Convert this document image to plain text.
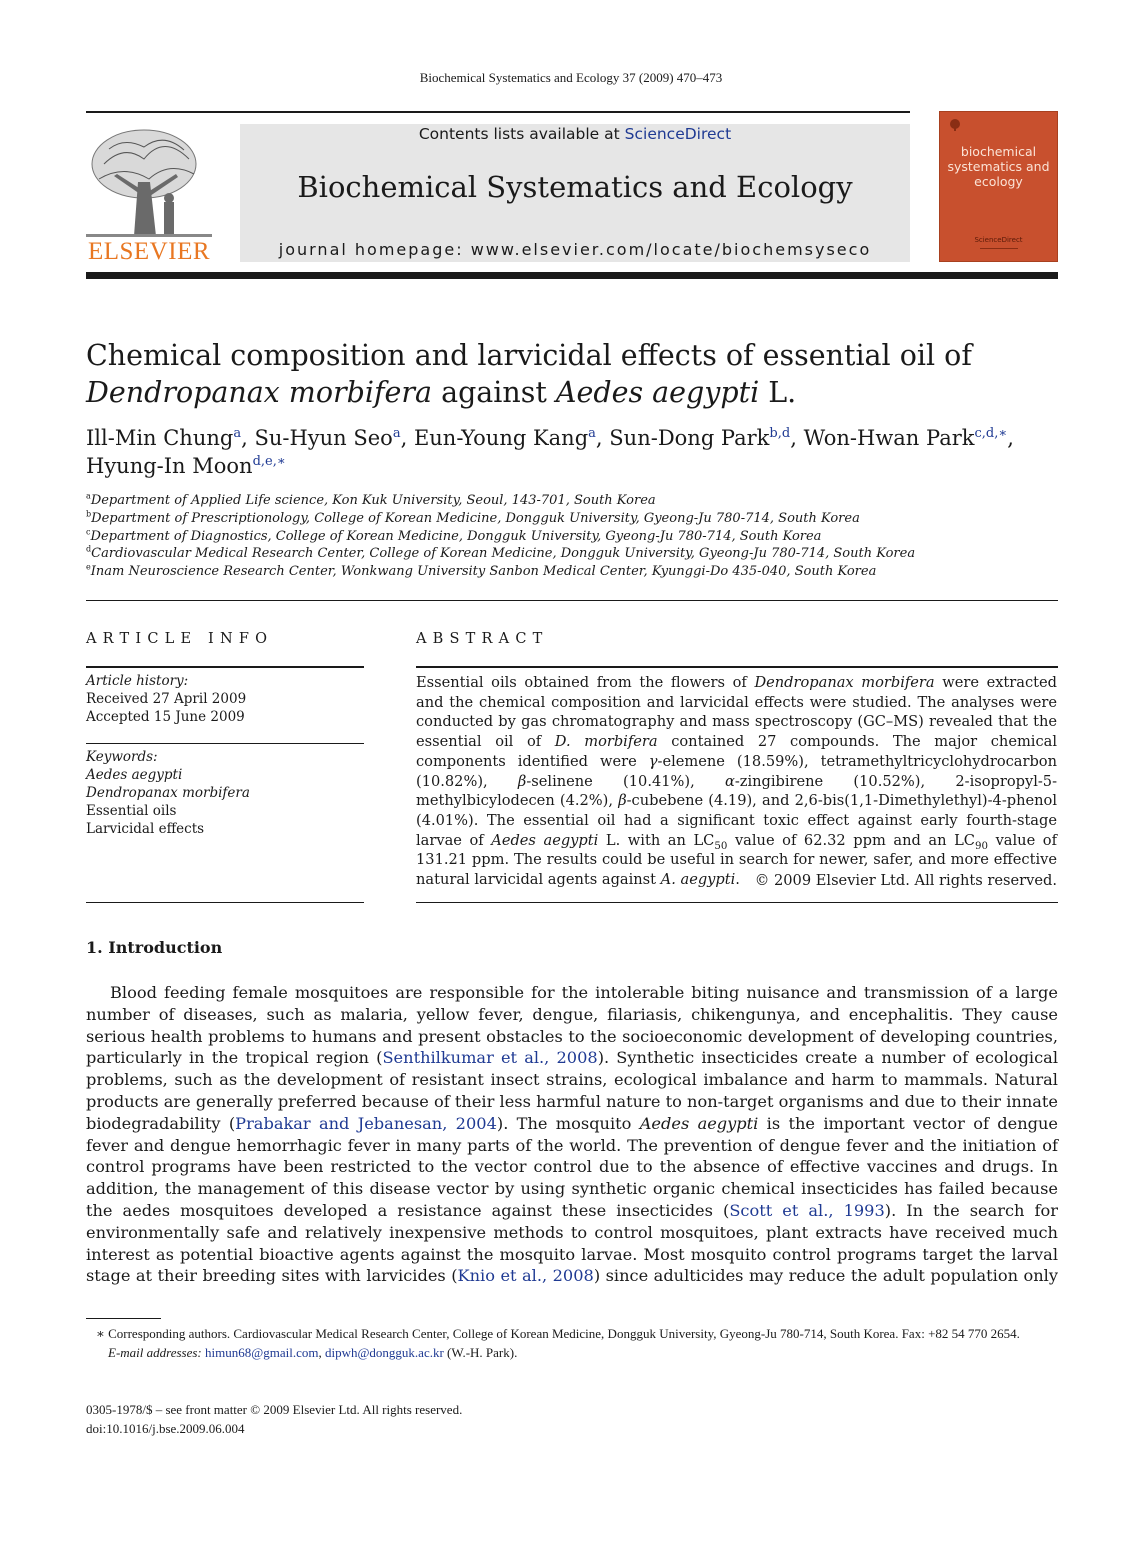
Biochemical Systematics and Ecology 37 (2009) 470–473
ELSEVIER
Contents lists available at ScienceDirect
Biochemical Systematics and Ecology
journal homepage: www.elsevier.com/locate/biochemsyseco	ScienceDirect
biochemical systematics and ecology
Chemical composition and larvicidal effects of essential oil of
Dendropanax morbifera against Aedes aegypti L.
Ill-Min Chung$^a$, Su-Hyun Seo$^a$, Eun-Young Kang$^a$, Sun-Dong Park$^{b,d}$, Won-Hwan Park$^{c,d,∗}$,
Hyung-In Moon$^{d,e,∗}$
$^a$Department of Applied Life science, Kon Kuk University, Seoul, 143-701, South Korea
$^b$Department of Prescriptionology, College of Korean Medicine, Dongguk University, Gyeong-Ju 780-714, South Korea
$^c$Department of Diagnostics, College of Korean Medicine, Dongguk University, Gyeong-Ju 780-714, South Korea
$^d$Cardiovascular Medical Research Center, College of Korean Medicine, Dongguk University, Gyeong-Ju 780-714, South Korea
$^e$Inam Neuroscience Research Center, Wonkwang University Sanbon Medical Center, Kyunggi-Do 435-040, South Korea
ARTICLE INFO
Article history:
Received 27 April 2009
Accepted 15 June 2009
Keywords:
Aedes aegypti
Dendropanax morbifera
Essential oils
Larvicidal effects
ABSTRACT
Essential oils obtained from the flowers of Dendropanax morbifera were extracted and the chemical composition and larvicidal effects were studied. The analyses were conducted by gas chromatography and mass spectroscopy (GC–MS) revealed that the essential oil of D. morbifera contained 27 compounds. The major chemical components identified were γ-elemene (18.59%), tetramethyltricyclohydrocarbon (10.82%), β-selinene (10.41%), α-zingibirene (10.52%), 2-isopropyl-5-methylbicylodecen (4.2%), β-cubebene (4.19), and 2,6-bis(1,1-Dimethylethyl)-4-phenol (4.01%). The essential oil had a significant toxic effect against early fourth-stage larvae of Aedes aegypti L. with an $LC_{50}$ value of 62.32 ppm and an $LC_{90}$ value of 131.21 ppm. The results could be useful in search for newer, safer, and more effective natural larvicidal agents against A. aegypti.	© 2009 Elsevier Ltd. All rights reserved.
1. Introduction

Blood feeding female mosquitoes are responsible for the intolerable biting nuisance and transmission of a large number of diseases, such as malaria, yellow fever, dengue, filariasis, chikengunya, and encephalitis. They cause serious health problems to humans and present obstacles to the socioeconomic development of developing countries, particularly in the tropical region (Senthilkumar et al., 2008). Synthetic insecticides create a number of ecological problems, such as the development of resistant insect strains, ecological imbalance and harm to mammals. Natural products are generally preferred because of their less harmful nature to non-target organisms and due to their innate biodegradability (Prabakar and Jebanesan, 2004). The mosquito Aedes aegypti is the important vector of dengue fever and dengue hemorrhagic fever in many parts of the world. The prevention of dengue fever and the initiation of control programs have been restricted to the vector control due to the absence of effective vaccines and drugs. In addition, the management of this disease vector by using synthetic organic chemical insecticides has failed because the aedes mosquitoes developed a resistance against these insecticides (Scott et al., 1993). In the search for environmentally safe and relatively inexpensive methods to control mosquitoes, plant extracts have received much interest as potential bioactive agents against the mosquito larvae. Most mosquito control programs target the larval stage at their breeding sites with larvicides (Knio et al., 2008) since adulticides may reduce the adult population only

∗ Corresponding authors. Cardiovascular Medical Research Center, College of Korean Medicine, Dongguk University, Gyeong-Ju 780-714, South Korea. Fax: +82 54 770 2654.
E-mail addresses: himun68@gmail.com, dipwh@dongguk.ac.kr (W.-H. Park).
0305-1978/$ – see front matter © 2009 Elsevier Ltd. All rights reserved.
doi:10.1016/j.bse.2009.06.004
